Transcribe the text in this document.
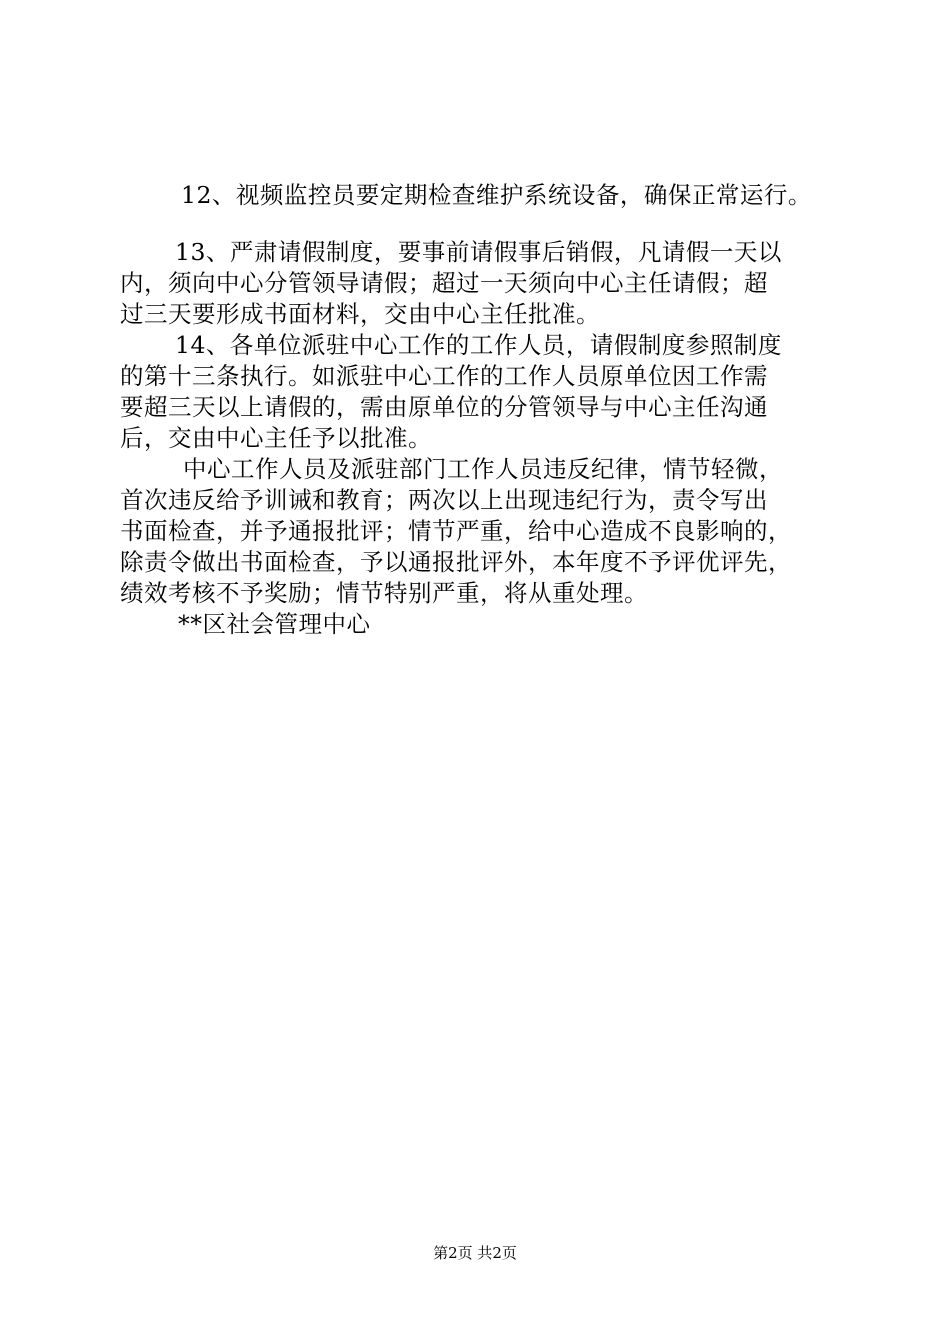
12、视频监控员要定期检查维护系统设备，确保正常运行。
13、严肃请假制度，要事前请假事后销假，凡请假一天以
内，须向中心分管领导请假；超过一天须向中心主任请假；超
过三天要形成书面材料，交由中心主任批准。
14、各单位派驻中心工作的工作人员，请假制度参照制度
的第十三条执行。如派驻中心工作的工作人员原单位因工作需
要超三天以上请假的，需由原单位的分管领导与中心主任沟通
后，交由中心主任予以批准。
中心工作人员及派驻部门工作人员违反纪律，情节轻微，
首次违反给予训诫和教育；两次以上出现违纪行为，责令写出
书面检查，并予通报批评；情节严重，给中心造成不良影响的，
除责令做出书面检查，予以通报批评外，本年度不予评优评先，
绩效考核不予奖励；情节特别严重，将从重处理。
**区社会管理中心
第2页 共2页
